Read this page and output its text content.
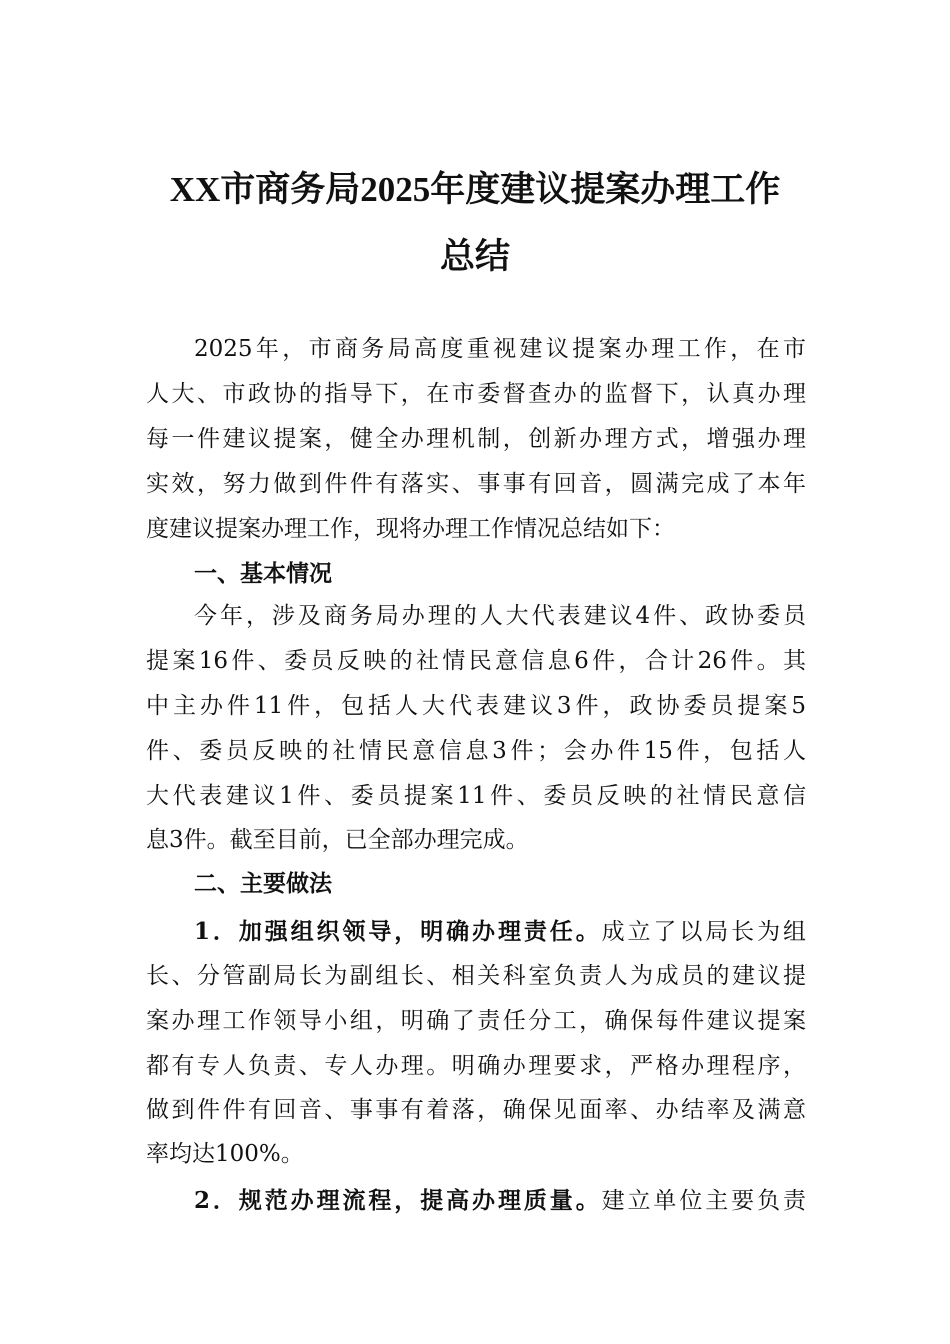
XX市商务局2025年度建议提案办理工作
总结
2025年，市商务局高度重视建议提案办理工作，在市
人大、市政协的指导下，在市委督查办的监督下，认真办理
每一件建议提案，健全办理机制，创新办理方式，增强办理
实效，努力做到件件有落实、事事有回音，圆满完成了本年
度建议提案办理工作，现将办理工作情况总结如下：
一、基本情况
今年，涉及商务局办理的人大代表建议4件、政协委员
提案16件、委员反映的社情民意信息6件，合计26件。其
中主办件11件，包括人大代表建议3件，政协委员提案5
件、委员反映的社情民意信息3件；会办件15件，包括人
大代表建议1件、委员提案11件、委员反映的社情民意信
息3件。截至目前，已全部办理完成。
二、主要做法
1．加强组织领导，明确办理责任。成立了以局长为组
长、分管副局长为副组长、相关科室负责人为成员的建议提
案办理工作领导小组，明确了责任分工，确保每件建议提案
都有专人负责、专人办理。明确办理要求，严格办理程序，
做到件件有回音、事事有着落，确保见面率、办结率及满意
率均达100%。
2．规范办理流程，提高办理质量。建立单位主要负责
